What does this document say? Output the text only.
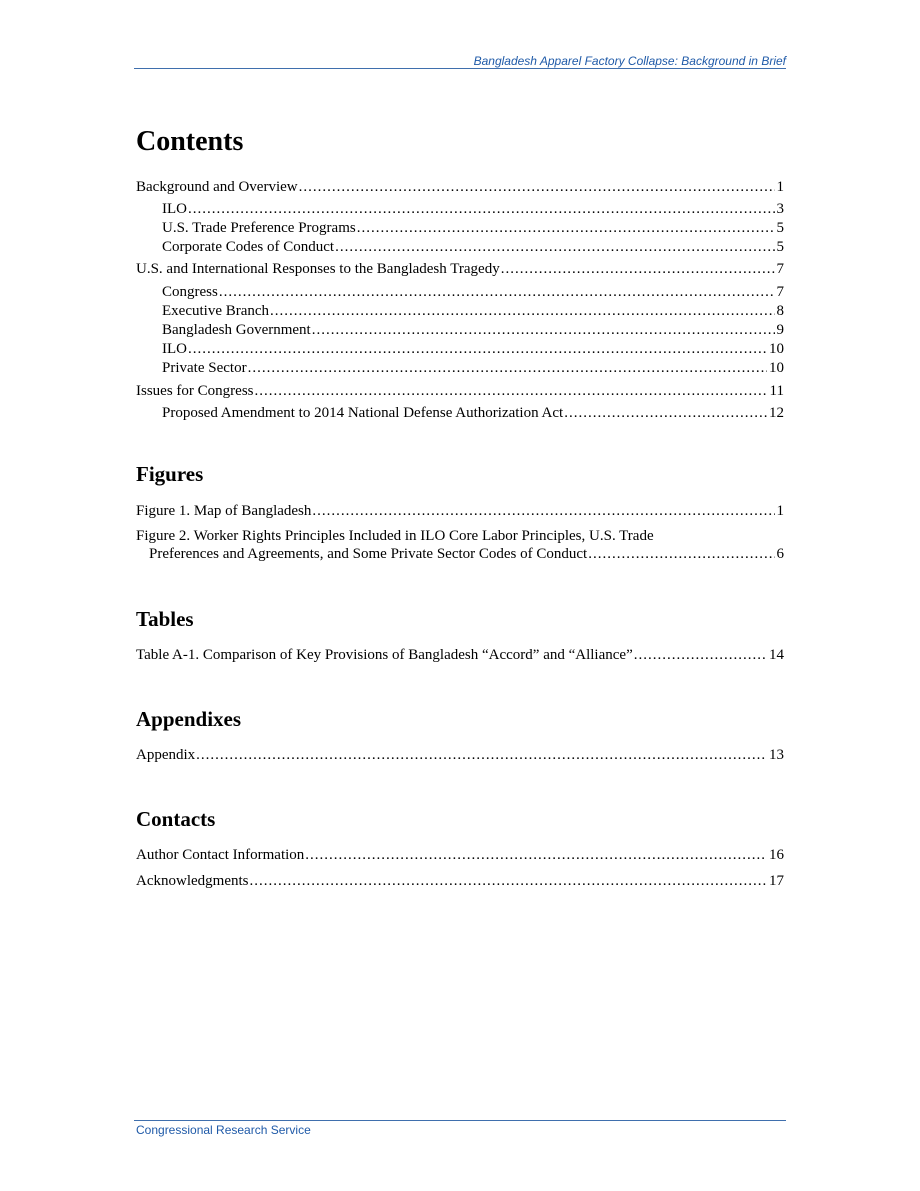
Bangladesh Apparel Factory Collapse: Background in Brief
Contents
Background and Overview .....	1
ILO .....	3
U.S. Trade Preference Programs .....	5
Corporate Codes of Conduct .....	5
U.S. and International Responses to the Bangladesh Tragedy .....	7
Congress .....	7
Executive Branch .....	8
Bangladesh Government .....	9
ILO .....	10
Private Sector .....	10
Issues for Congress .....	11
Proposed Amendment to 2014 National Defense Authorization Act .....	12
Figures
Figure 1. Map of Bangladesh .....	1
Figure 2. Worker Rights Principles Included in ILO Core Labor Principles, U.S. Trade
Preferences and Agreements, and Some Private Sector Codes of Conduct .....	6
Tables
Table A-1. Comparison of Key Provisions of Bangladesh “Accord” and “Alliance” .....	14
Appendixes
Appendix .....	13
Contacts
Author Contact Information .....	16
Acknowledgments .....	17
Congressional Research Service
